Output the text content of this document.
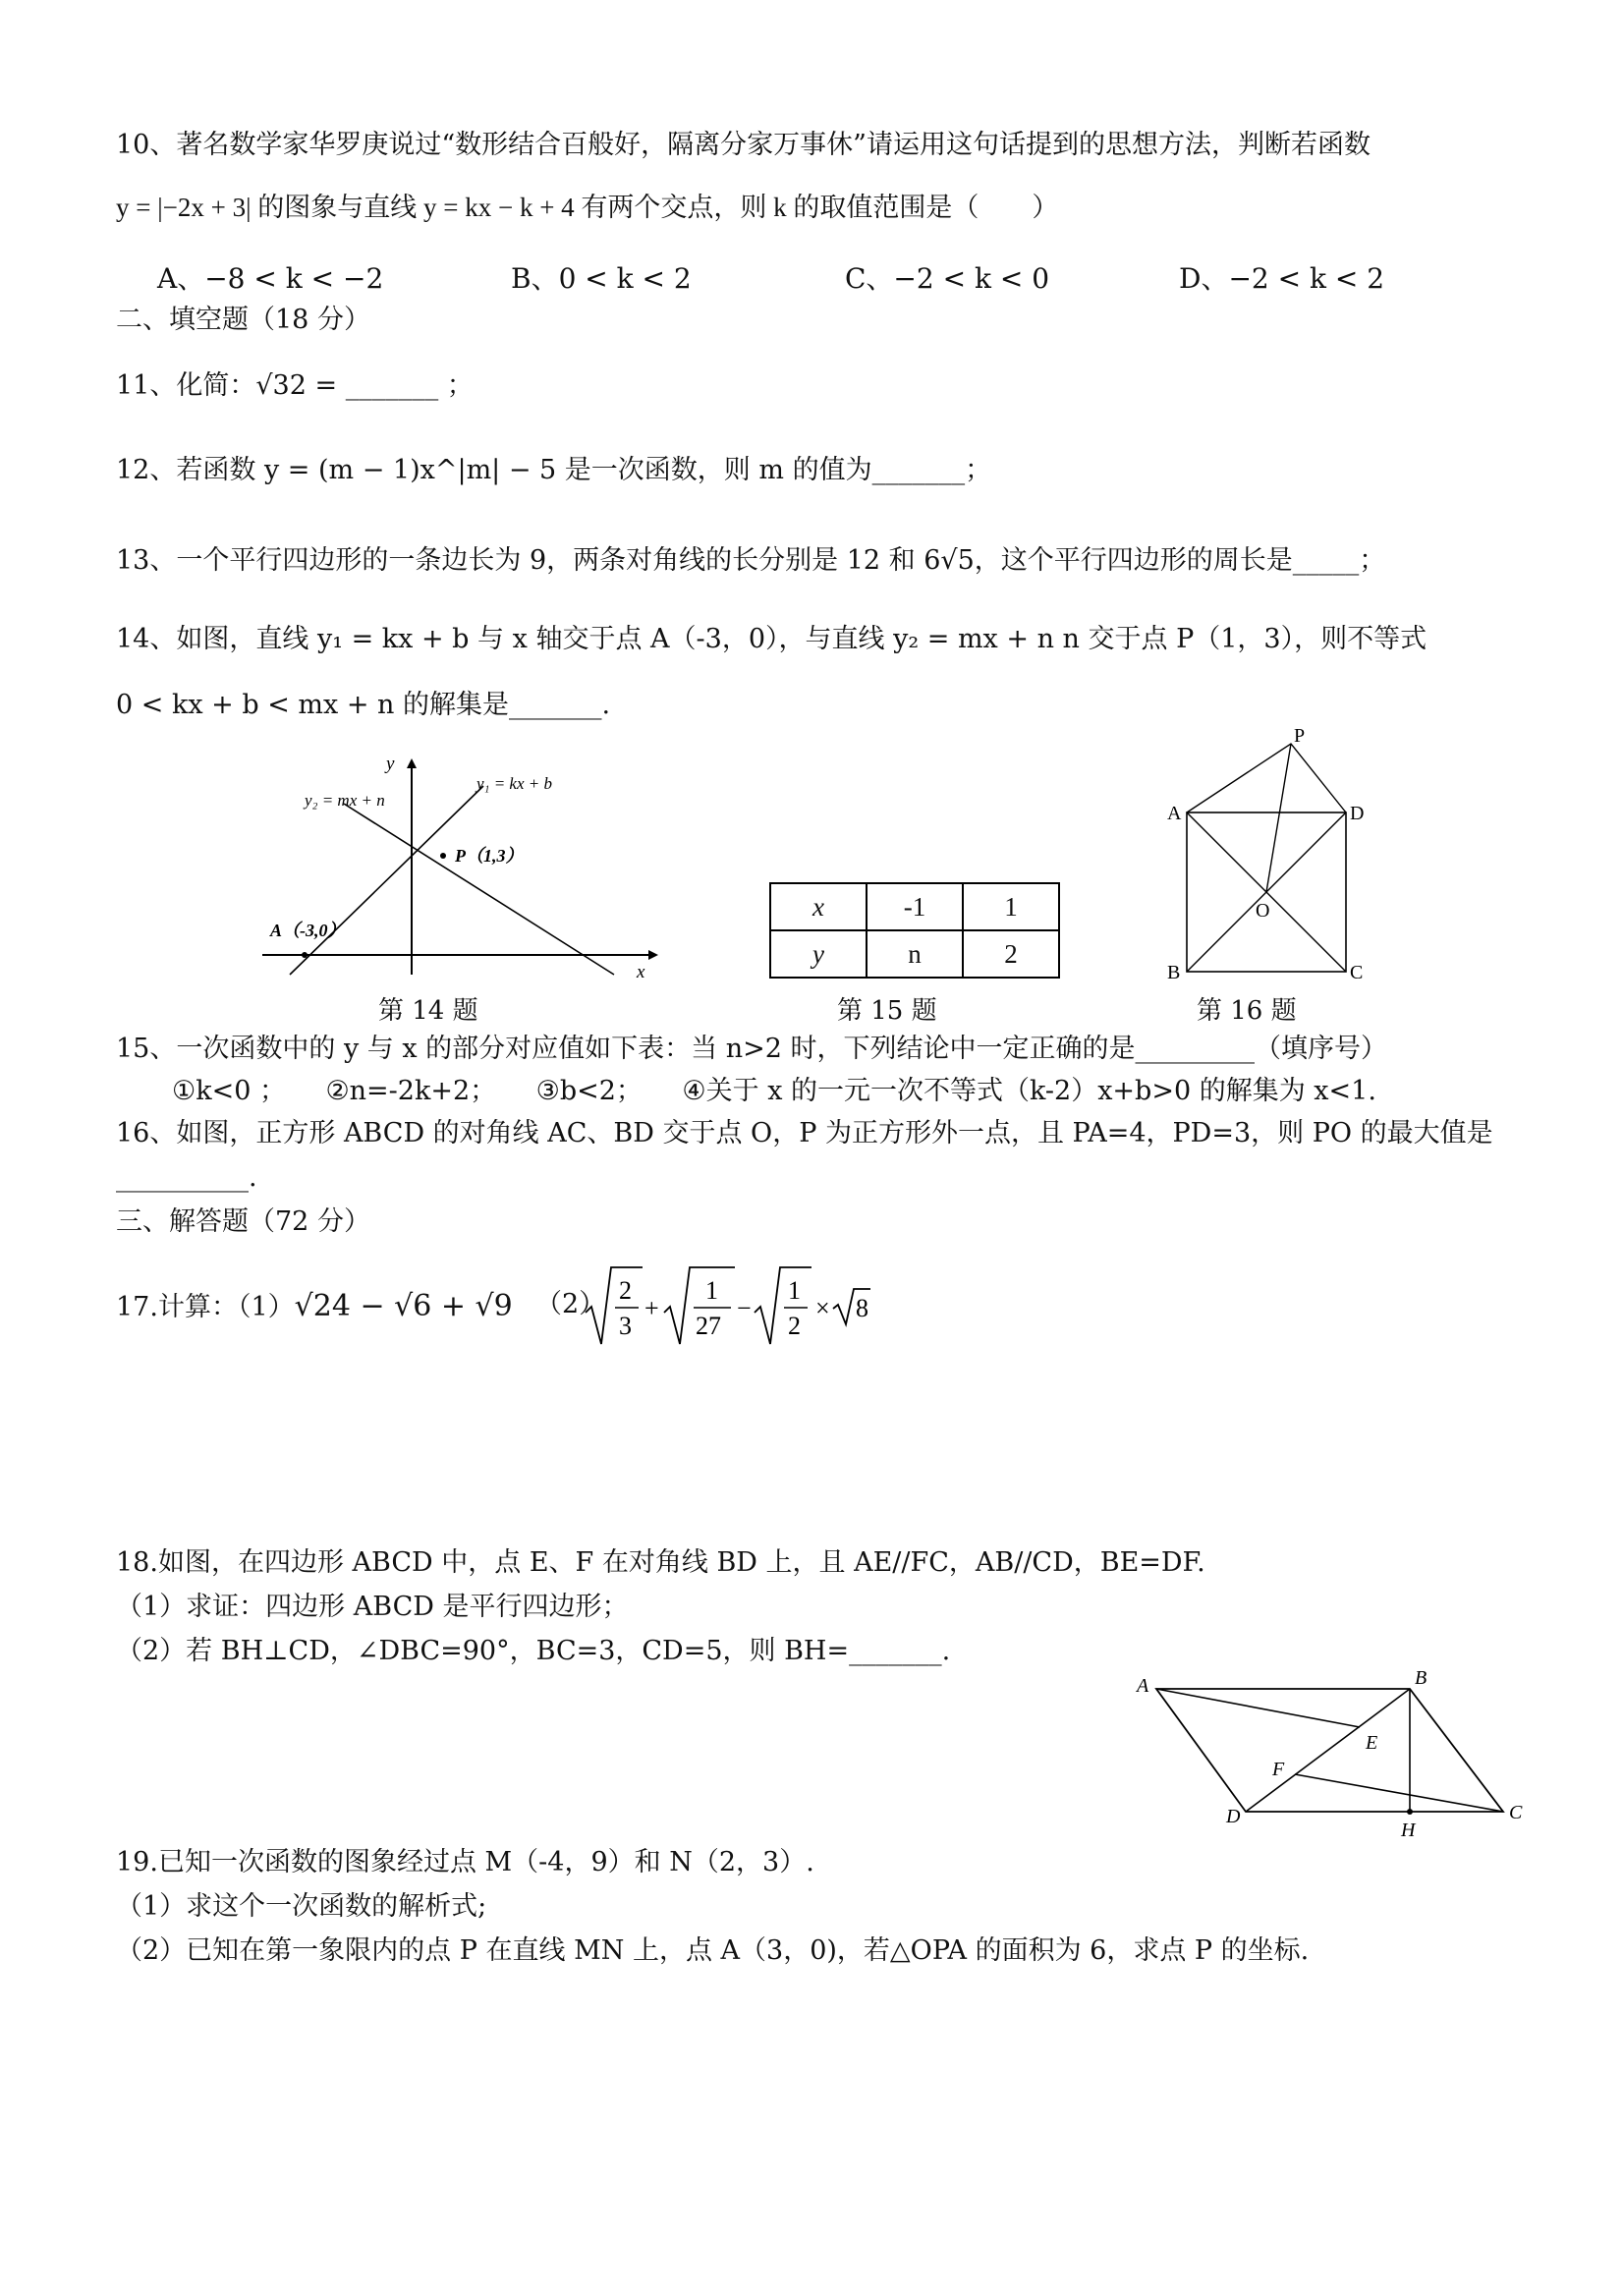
10、著名数学家华罗庚说过“数形结合百般好，隔离分家万事休”请运用这句话提到的思想方法，判断若函数
y = |−2x + 3| 的图象与直线 y = kx − k + 4 有两个交点，则 k 的取值范围是（　　）
A、−8 < k < −2	B、0 < k < 2	C、−2 < k < 0	D、−2 < k < 2
二、填空题（18 分）
11、化简：√32 = _______ ；
12、若函数 y = (m − 1)x^|m| − 5 是一次函数，则 m 的值为_______；
13、一个平行四边形的一条边长为 9，两条对角线的长分别是 12 和 6√5，这个平行四边形的周长是_____；
14、如图，直线 y₁ = kx + b 与 x 轴交于点 A（-3，0），与直线 y₂ = mx + n n 交于点 P（1，3），则不等式
0 < kx + b < mx + n 的解集是_______.
y
x
y₂ = mx + n
y₁ = kx + b
P（1,3）
A（-3,0）
第 14 题
x	-1	1
y	n	2
第 15 题
P
A	D
O
B	C
第 16 题
15、一次函数中的 y 与 x 的部分对应值如下表：当 n>2 时，下列结论中一定正确的是_________（填序号）
①k<0 ；　　②n=-2k+2；　　③b<2；　　④关于 x 的一元一次不等式（k-2）x+b>0 的解集为 x<1.
16、如图，正方形 ABCD 的对角线 AC、BD 交于点 O，P 为正方形外一点，且 PA=4，PD=3，则 PO 的最大值是
__________.
三、解答题（72 分）
17.计算：（1）√24 − √6 + √9 （2） 2
3
+
1
27
−
1
2
× 8
18.如图，在四边形 ABCD 中，点 E、F 在对角线 BD 上，且 AE//FC，AB//CD，BE=DF.
（1）求证：四边形 ABCD 是平行四边形；
（2）若 BH⊥CD，∠DBC=90°，BC=3，CD=5，则 BH=_______.
A	B
E
F
D
H
C
19.已知一次函数的图象经过点 M（-4，9）和 N（2，3）.
（1）求这个一次函数的解析式;
（2）已知在第一象限内的点 P 在直线 MN 上，点 A（3，0)，若△OPA 的面积为 6，求点 P 的坐标.
